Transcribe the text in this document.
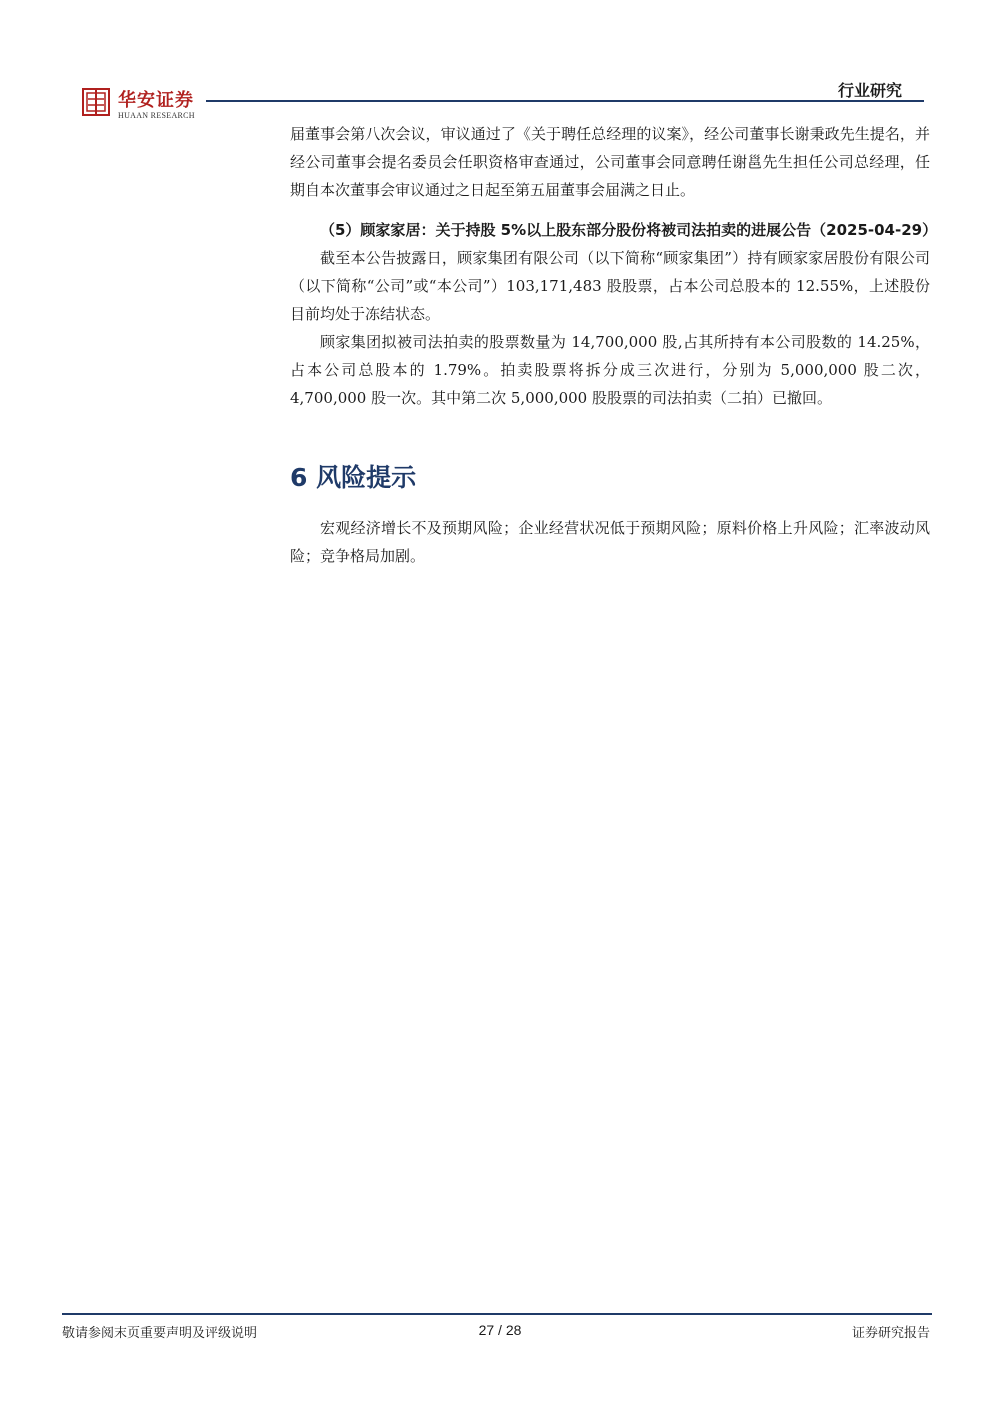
华安证券
HUAAN RESEARCH
行业研究

届董事会第八次会议，审议通过了《关于聘任总经理的议案》，经公司董事长谢秉政先生提名，并经公司董事会提名委员会任职资格审查通过，公司董事会同意聘任谢邕先生担任公司总经理，任期自本次董事会审议通过之日起至第五届董事会届满之日止。

（5）顾家家居：关于持股 5%以上股东部分股份将被司法拍卖的进展公告（2025-04-29）

截至本公告披露日，顾家集团有限公司（以下简称“顾家集团”）持有顾家家居股份有限公司（以下简称“公司”或“本公司”）103,171,483 股股票，占本公司总股本的 12.55%，上述股份目前均处于冻结状态。

顾家集团拟被司法拍卖的股票数量为 14,700,000 股,占其所持有本公司股数的 14.25%，占本公司总股本的 1.79%。拍卖股票将拆分成三次进行，分别为 5,000,000 股二次，4,700,000 股一次。其中第二次 5,000,000 股股票的司法拍卖（二拍）已撤回。

6 风险提示

宏观经济增长不及预期风险；企业经营状况低于预期风险；原料价格上升风险；汇率波动风险；竞争格局加剧。

敬请参阅末页重要声明及评级说明	27 / 28	证券研究报告
